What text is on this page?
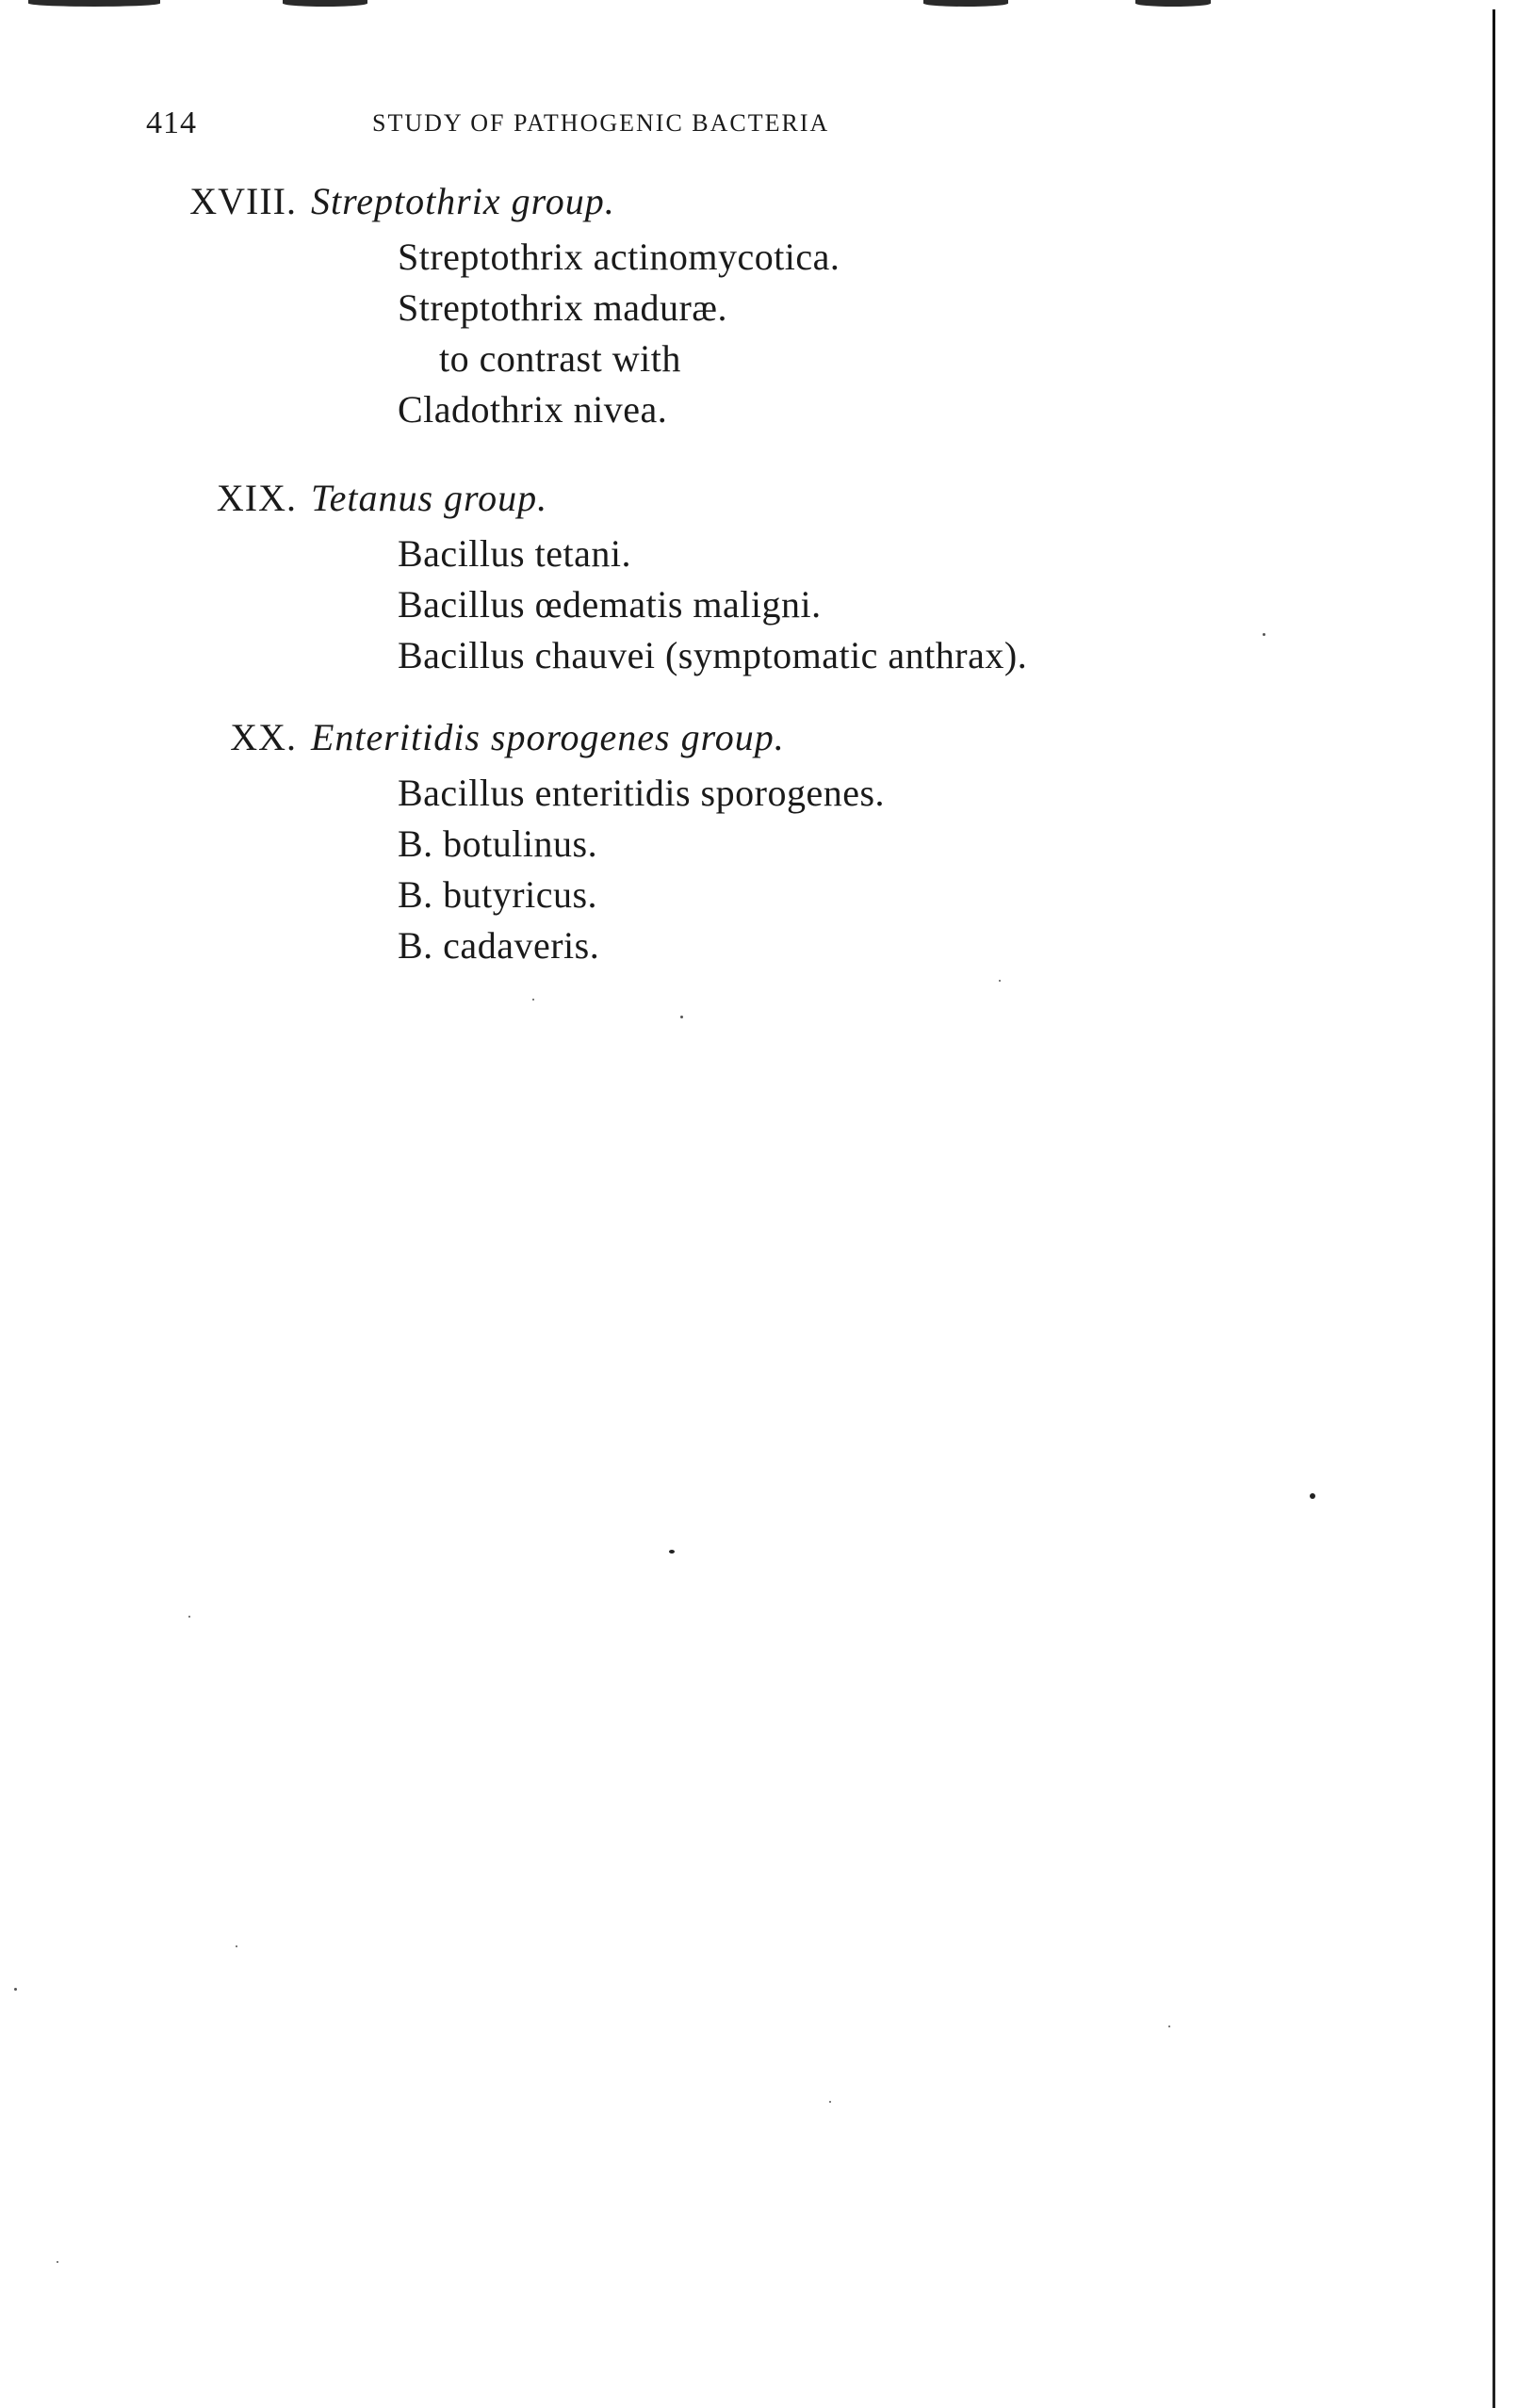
414	STUDY OF PATHOGENIC BACTERIA
XVIII. Streptothrix group.
Streptothrix actinomycotica.
Streptothrix maduræ.
to contrast with
Cladothrix nivea.
XIX. Tetanus group.
Bacillus tetani.
Bacillus œdematis maligni.
Bacillus chauvei (symptomatic anthrax).
XX. Enteritidis sporogenes group.
Bacillus enteritidis sporogenes.
B. botulinus.
B. butyricus.
B. cadaveris.
